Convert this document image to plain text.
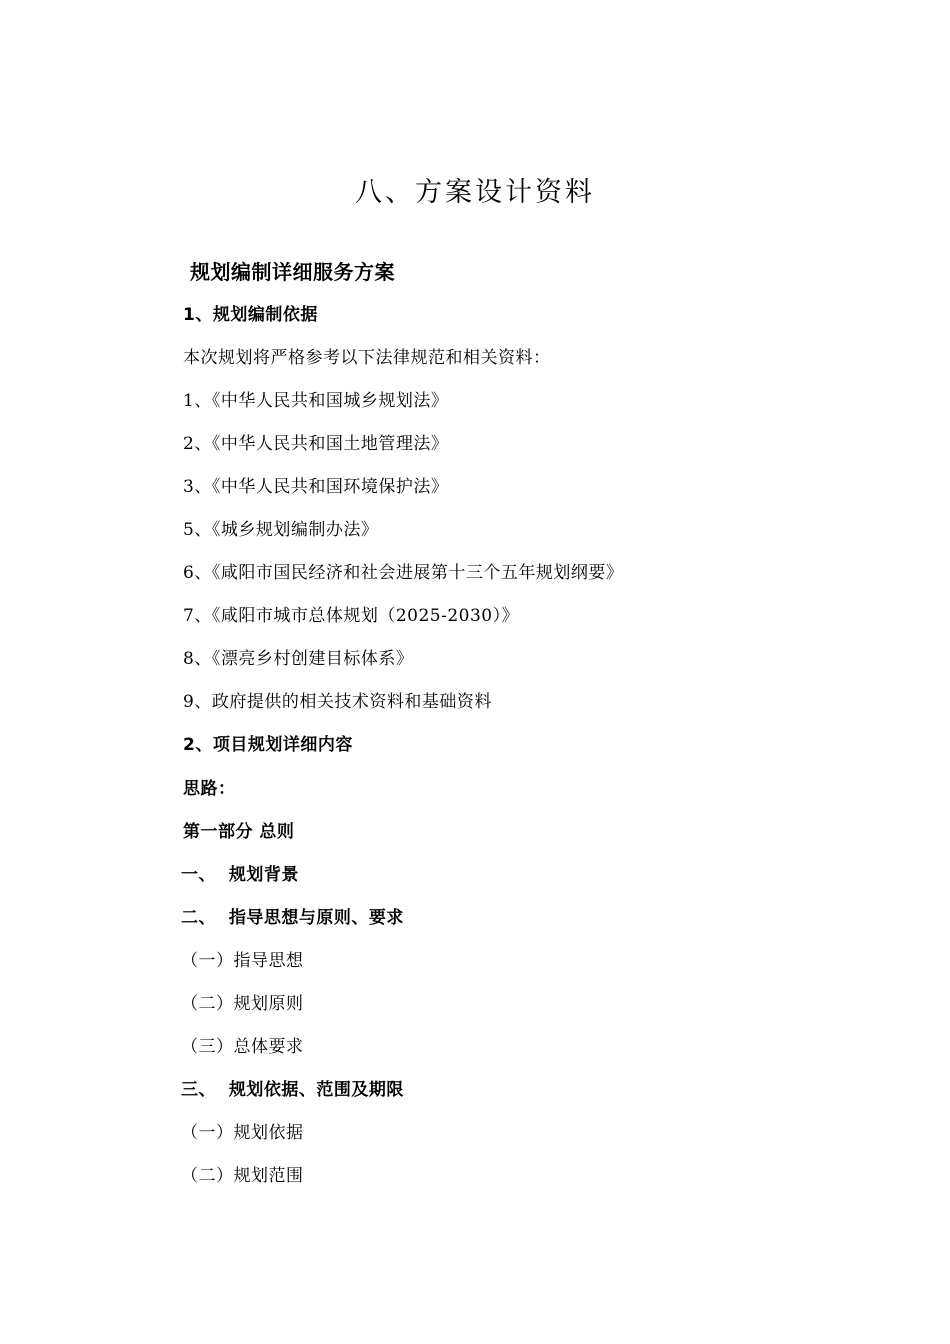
八、方案设计资料
规划编制详细服务方案
1、规划编制依据
本次规划将严格参考以下法律规范和相关资料：
1、《中华人民共和国城乡规划法》
2、《中华人民共和国土地管理法》
3、《中华人民共和国环境保护法》
5、《城乡规划编制办法》
6、《咸阳市国民经济和社会进展第十三个五年规划纲要》
7、《咸阳市城市总体规划（2025-2030）》
8、《漂亮乡村创建目标体系》
9、政府提供的相关技术资料和基础资料
2、项目规划详细内容
思路：
第一部分 总则
一、  规划背景
二、  指导思想与原则、要求
（一）指导思想
（二）规划原则
（三）总体要求
三、  规划依据、范围及期限
（一）规划依据
（二）规划范围
